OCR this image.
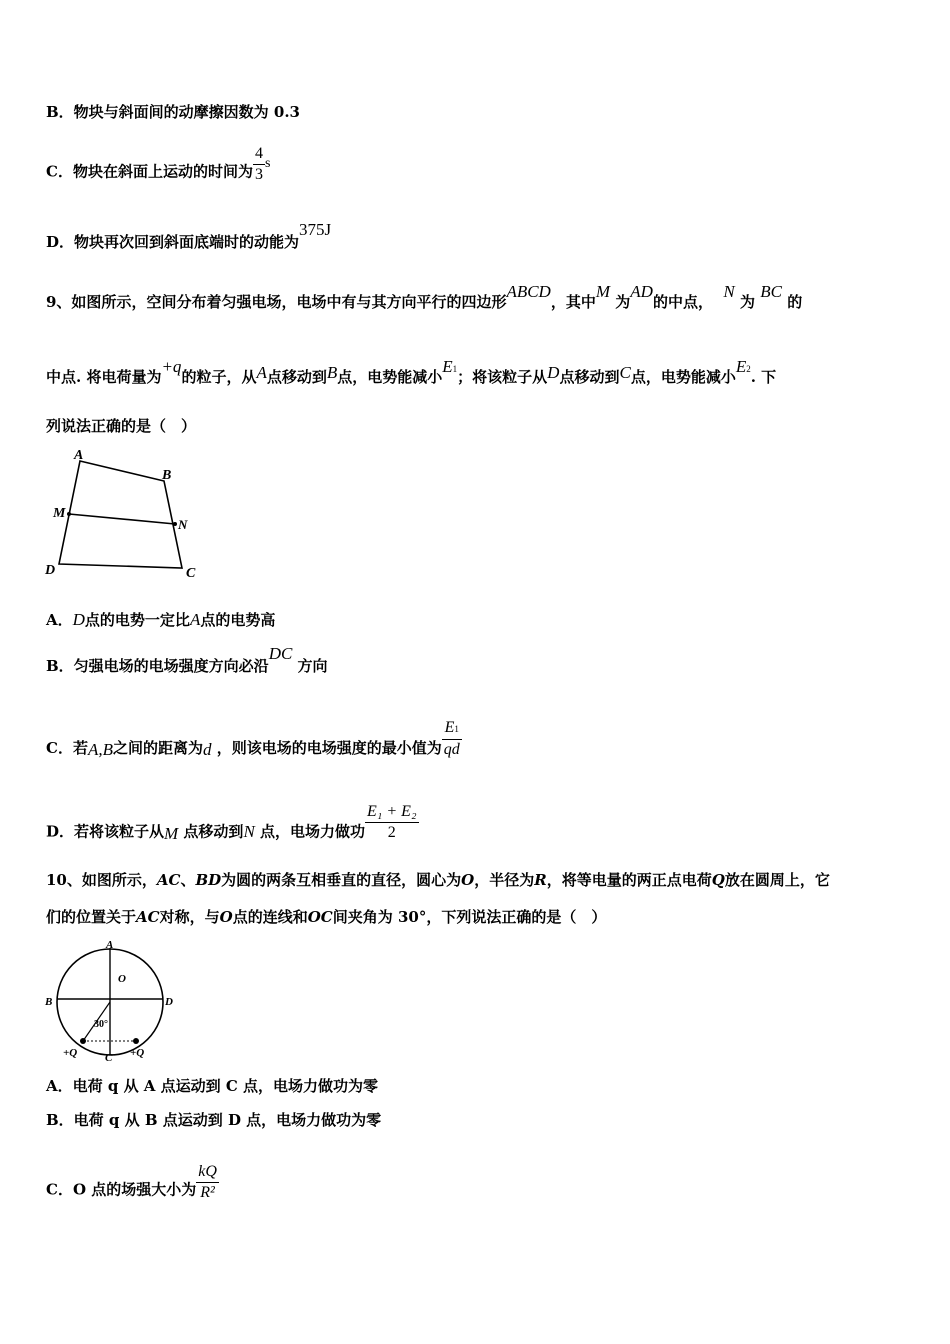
B．物块与斜面间的动摩擦因数为 0.3
C．物块在斜面上运动的时间为 $\frac{4}{3}$ s
D．物块再次回到斜面底端时的动能为375J
9、如图所示，空间分布着匀强电场，电场中有与其方向平行的四边形ABCD，其中M 为AD的中点，  N 为 BC 的
中点. 将电荷量为+q的粒子，从A点移动到B点，电势能减小E1；将该粒子从D点移动到C点，电势能减小E2. 下
列说法正确的是（　）
A
B
M
N
D	C
A．D点的电势一定比A点的电势高
B．匀强电场的电场强度方向必沿DC 方向
C．若A,B之间的距离为d ，则该电场的电场强度的最小值为 $\frac{E1}{qd}$
D．若将该粒子从M 点移动到N 点，电场力做功 $\frac{\text{E₁ + E₂}}{2}$
10、如图所示，AC、BD为圆的两条互相垂直的直径，圆心为O，半径为R，将等电量的两正点电荷Q放在圆周上，它
们的位置关于AC对称，与O点的连线和OC间夹角为 30°，下列说法正确的是（　）
A
O
B	D
30°
+Q	C +Q
A．电荷 q 从 A 点运动到 C 点，电场力做功为零
B．电荷 q 从 B 点运动到 D 点，电场力做功为零
C．O 点的场强大小为 $\frac{kQ}{\text{R²}}$
